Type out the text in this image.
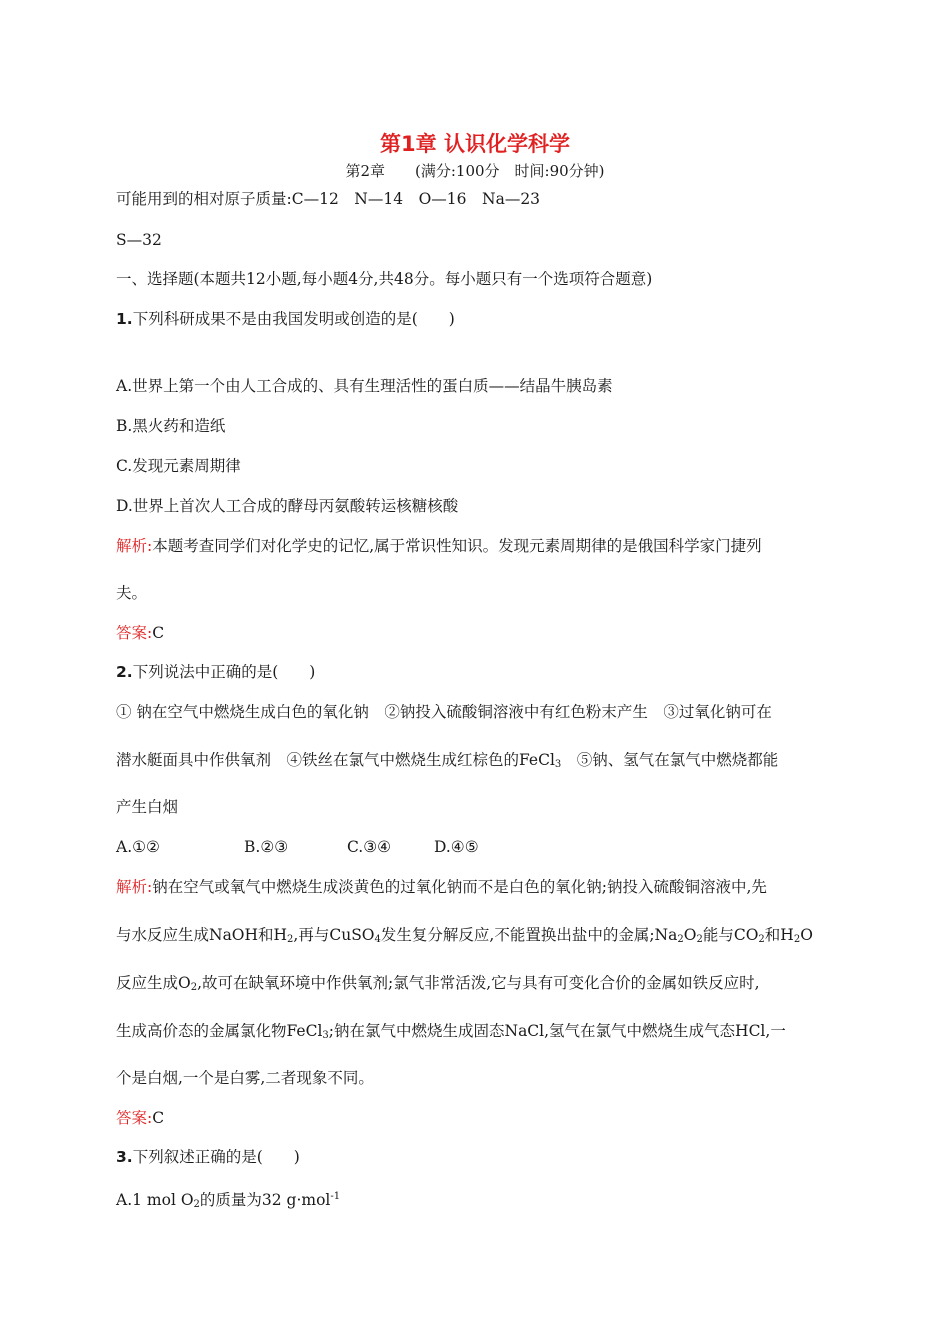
第1章 认识化学科学
第2章　　(满分:100分　时间:90分钟)
可能用到的相对原子质量:C—12　N—14　O—16　Na—23
S—32
一、选择题(本题共12小题,每小题4分,共48分。每小题只有一个选项符合题意)
1.下列科研成果不是由我国发明或创造的是(　　)
A.世界上第一个由人工合成的、具有生理活性的蛋白质——结晶牛胰岛素
B.黑火药和造纸
C.发现元素周期律
D.世界上首次人工合成的酵母丙氨酸转运核糖核酸
解析:本题考查同学们对化学史的记忆,属于常识性知识。发现元素周期律的是俄国科学家门捷列
夫。
答案:C
2.下列说法中正确的是(　　)
① 钠在空气中燃烧生成白色的氧化钠　②钠投入硫酸铜溶液中有红色粉末产生　③过氧化钠可在
潜水艇面具中作供氧剂　④铁丝在氯气中燃烧生成红棕色的FeCl$_3$　⑤钠、氢气在氯气中燃烧都能
产生白烟
A.①②	B.②③	C.③④	D.④⑤
解析:钠在空气或氧气中燃烧生成淡黄色的过氧化钠而不是白色的氧化钠;钠投入硫酸铜溶液中,先
与水反应生成NaOH和$H_2$,再与CuSO$_4$发生复分解反应,不能置换出盐中的金属$;Na_2O_2$能与$CO_2$和$H_2O$
反应生成$O_2$,故可在缺氧环境中作供氧剂;氯气非常活泼,它与具有可变化合价的金属如铁反应时,
生成高价态的金属氯化物FeCl$_3$;钠在氯气中燃烧生成固态NaCl,氢气在氯气中燃烧生成气态HCl,一
个是白烟,一个是白雾,二者现象不同。
答案:C
3.下列叙述正确的是(　　)
A.1 mol $O_2$的质量为32 g·mol$^{-1}$
